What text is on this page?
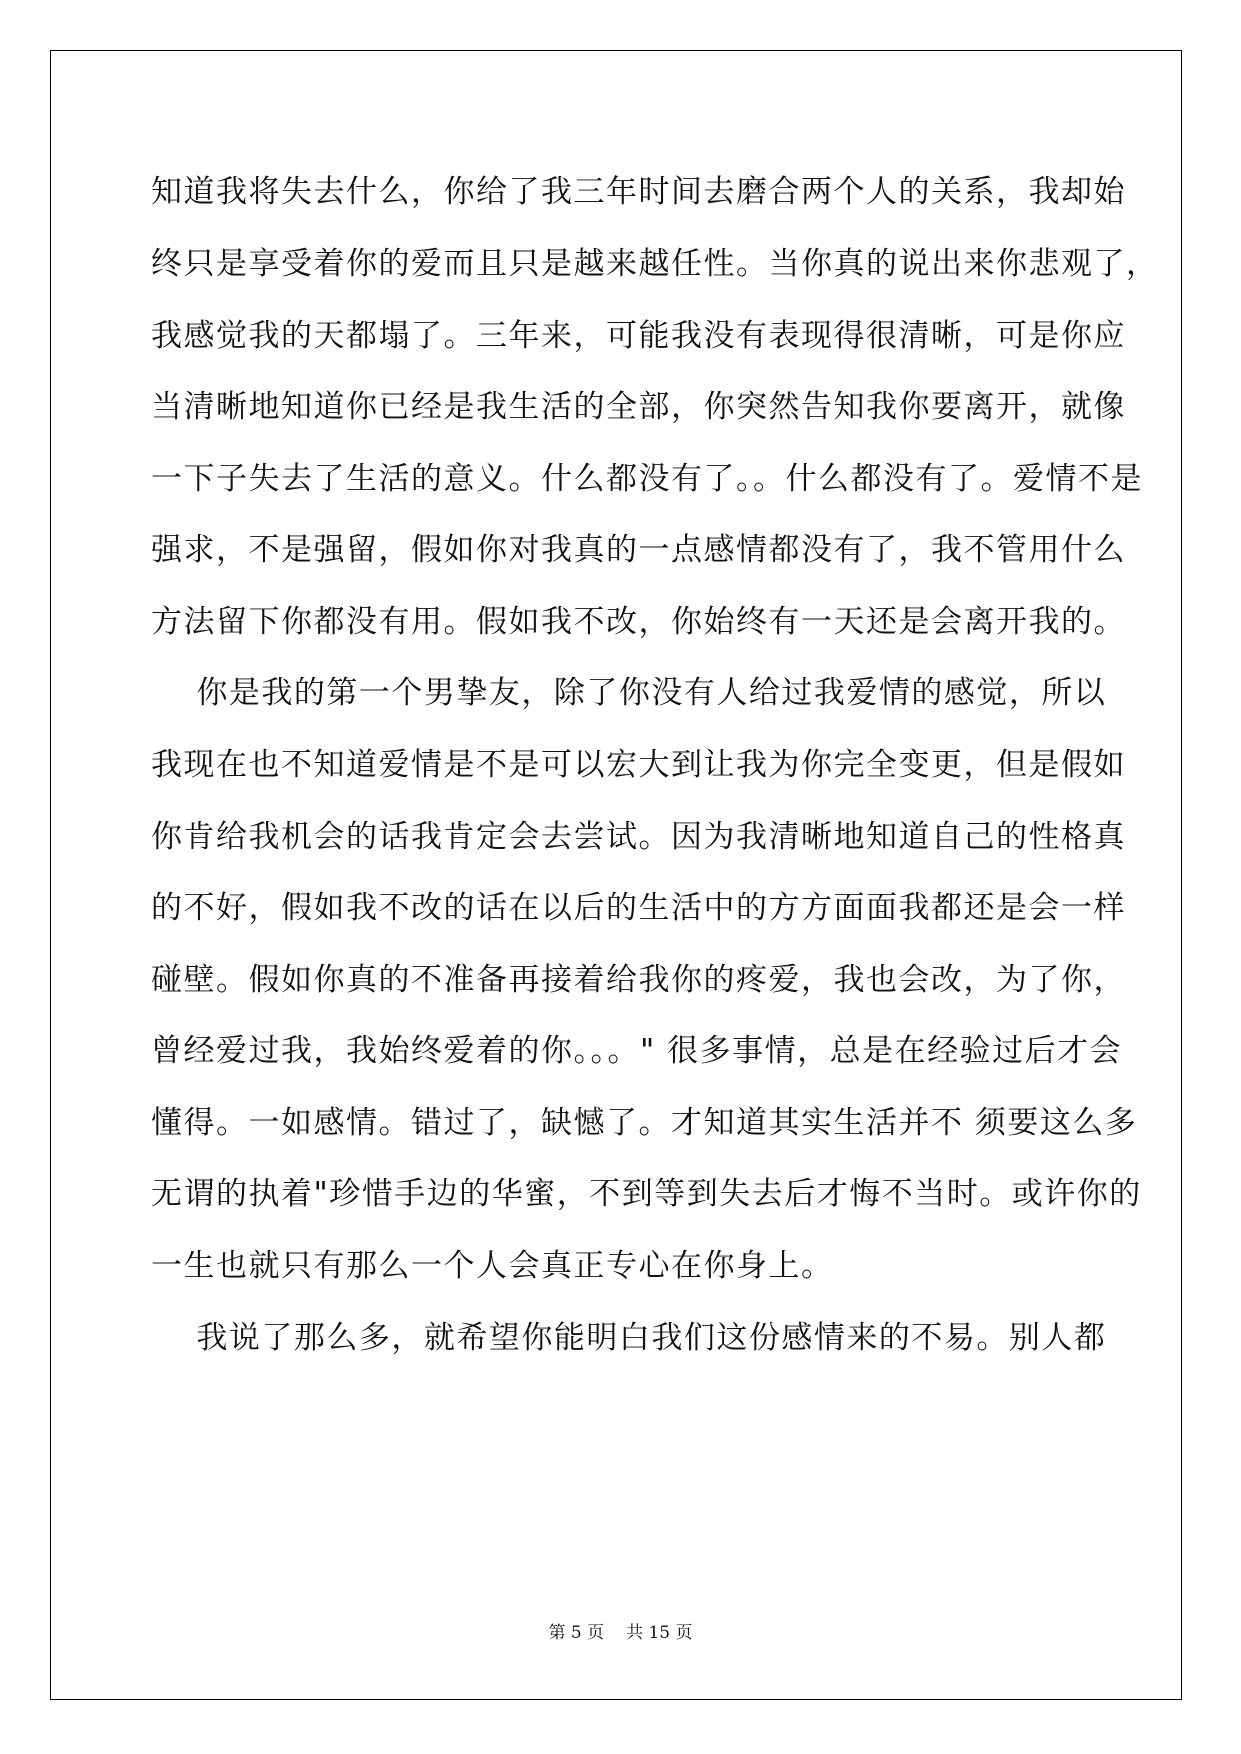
知道我将失去什么，你给了我三年时间去磨合两个人的关系，我却始
终只是享受着你的爱而且只是越来越任性。当你真的说出来你悲观了，
我感觉我的天都塌了。三年来，可能我没有表现得很清晰，可是你应
当清晰地知道你已经是我生活的全部，你突然告知我你要离开，就像
一下子失去了生活的意义。什么都没有了。。什么都没有了。爱情不是
强求，不是强留，假如你对我真的一点感情都没有了，我不管用什么
方法留下你都没有用。假如我不改，你始终有一天还是会离开我的。
你是我的第一个男挚友，除了你没有人给过我爱情的感觉，所以
我现在也不知道爱情是不是可以宏大到让我为你完全变更，但是假如
你肯给我机会的话我肯定会去尝试。因为我清晰地知道自己的性格真
的不好，假如我不改的话在以后的生活中的方方面面我都还是会一样
碰壁。假如你真的不准备再接着给我你的疼爱，我也会改，为了你，
曾经爱过我，我始终爱着的你。。。" 很多事情，总是在经验过后才会
懂得。一如感情。错过了，缺憾了。才知道其实生活并不 须要这么多
无谓的执着"珍惜手边的华蜜，不到等到失去后才悔不当时。或许你的
一生也就只有那么一个人会真正专心在你身上。
我说了那么多，就希望你能明白我们这份感情来的不易。别人都
第 5 页 共 15 页
